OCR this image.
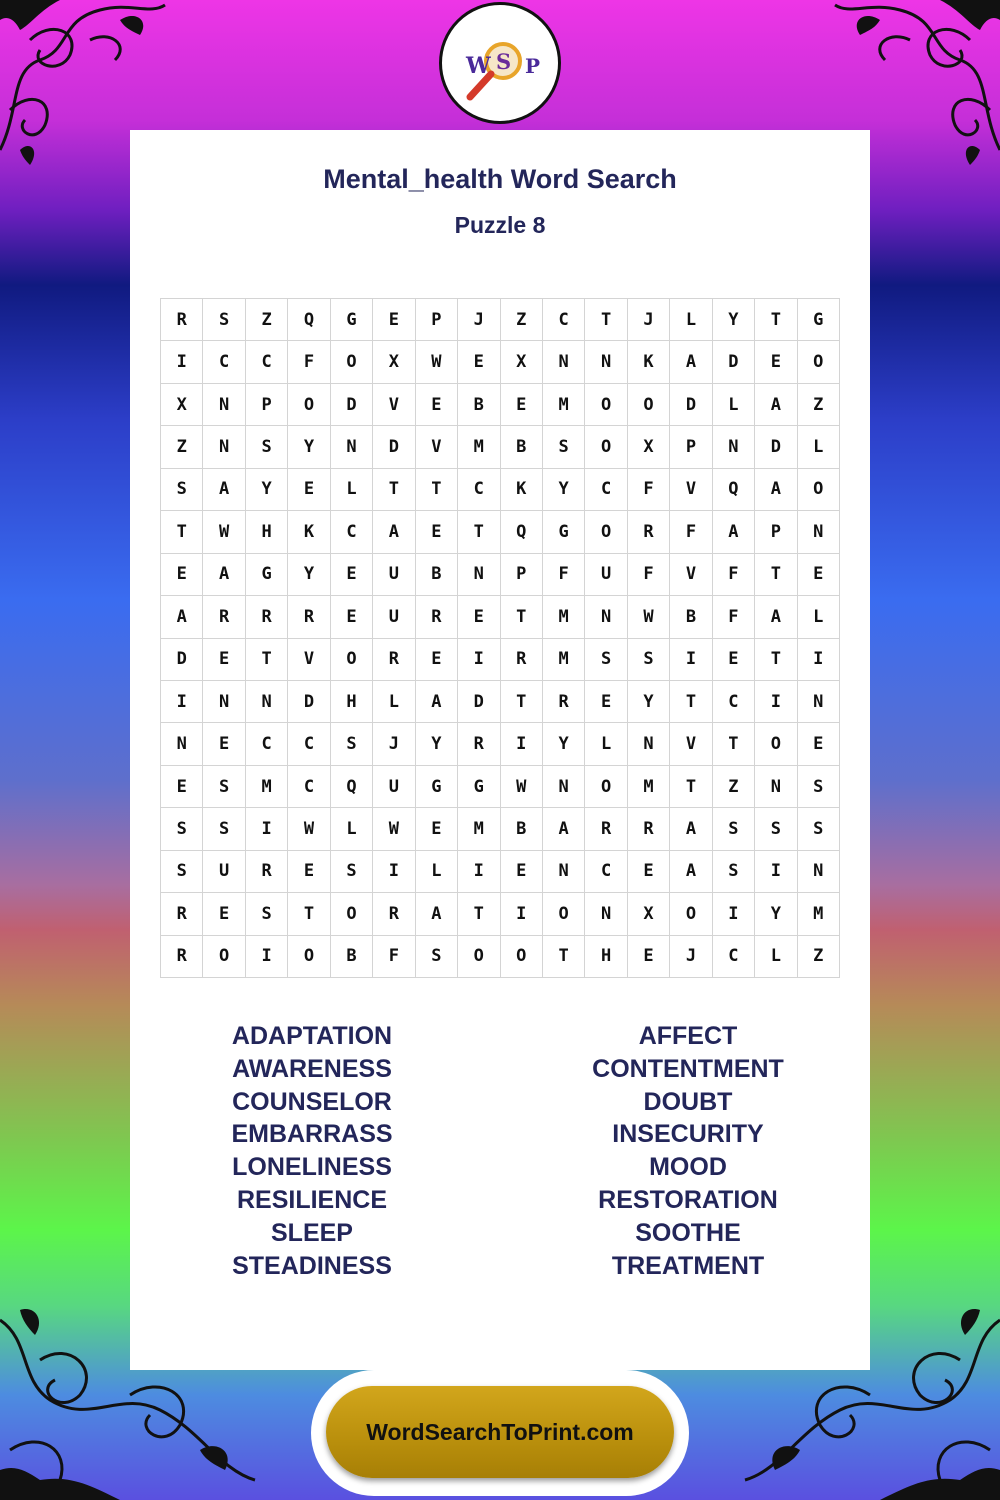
W S P
Mental_health Word Search
Puzzle 8
R	S	Z	Q	G	E	P	J	Z	C	T	J	L	Y	T	G
I	C	C	F	O	X	W	E	X	N	N	K	A	D	E	O
X	N	P	O	D	V	E	B	E	M	O	O	D	L	A	Z
Z	N	S	Y	N	D	V	M	B	S	O	X	P	N	D	L
S	A	Y	E	L	T	T	C	K	Y	C	F	V	Q	A	O
T	W	H	K	C	A	E	T	Q	G	O	R	F	A	P	N
E	A	G	Y	E	U	B	N	P	F	U	F	V	F	T	E
A	R	R	R	E	U	R	E	T	M	N	W	B	F	A	L
D	E	T	V	O	R	E	I	R	M	S	S	I	E	T	I
I	N	N	D	H	L	A	D	T	R	E	Y	T	C	I	N
N	E	C	C	S	J	Y	R	I	Y	L	N	V	T	O	E
E	S	M	C	Q	U	G	G	W	N	O	M	T	Z	N	S
S	S	I	W	L	W	E	M	B	A	R	R	A	S	S	S
S	U	R	E	S	I	L	I	E	N	C	E	A	S	I	N
R	E	S	T	O	R	A	T	I	O	N	X	O	I	Y	M
R	O	I	O	B	F	S	O	O	T	H	E	J	C	L	Z
ADAPTATION
AWARENESS
COUNSELOR
EMBARRASS
LONELINESS
RESILIENCE
SLEEP
STEADINESS
AFFECT
CONTENTMENT
DOUBT
INSECURITY
MOOD
RESTORATION
SOOTHE
TREATMENT
WordSearchToPrint.com
